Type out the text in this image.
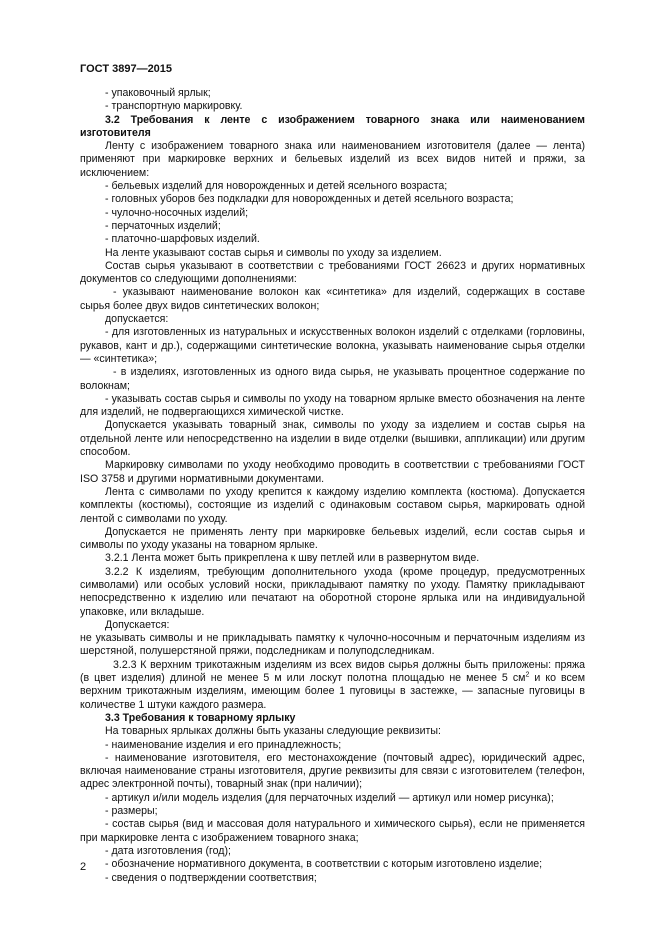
ГОСТ 3897—2015

- упаковочный ярлык;

- транспортную маркировку.

3.2 Требования к ленте с изображением товарного знака или наименованием изготовителя

Ленту с изображением товарного знака или наименованием изготовителя (далее — лента) применяют при маркировке верхних и бельевых изделий из всех видов нитей и пряжи, за исключением:

- бельевых изделий для новорожденных и детей ясельного возраста;

- головных уборов без подкладки для новорожденных и детей ясельного возраста;

- чулочно-носочных изделий;

- перчаточных изделий;

- платочно-шарфовых изделий.

На ленте указывают состав сырья и символы по уходу за изделием.

Состав сырья указывают в соответствии с требованиями ГОСТ 26623 и других нормативных документов со следующими дополнениями:

- указывают наименование волокон как «синтетика» для изделий, содержащих в составе сырья более двух видов синтетических волокон;

допускается:

- для изготовленных из натуральных и искусственных волокон изделий с отделками (горловины, рукавов, кант и др.), содержащими синтетические волокна, указывать наименование сырья отделки — «синтетика»;

- в изделиях, изготовленных из одного вида сырья, не указывать процентное содержание по волокнам;

- указывать состав сырья и символы по уходу на товарном ярлыке вместо обозначения на ленте для изделий, не подвергающихся химической чистке.

Допускается указывать товарный знак, символы по уходу за изделием и состав сырья на отдельной ленте или непосредственно на изделии в виде отделки (вышивки, аппликации) или другим способом.

Маркировку символами по уходу необходимо проводить в соответствии с требованиями ГОСТ ISO 3758 и другими нормативными документами.

Лента с символами по уходу крепится к каждому изделию комплекта (костюма). Допускается комплекты (костюмы), состоящие из изделий с одинаковым составом сырья, маркировать одной лентой с символами по уходу.

Допускается не применять ленту при маркировке бельевых изделий, если состав сырья и символы по уходу указаны на товарном ярлыке.

3.2.1 Лента может быть прикреплена к шву петлей или в развернутом виде.

3.2.2 К изделиям, требующим дополнительного ухода (кроме процедур, предусмотренных символами) или особых условий носки, прикладывают памятку по уходу. Памятку прикладывают непосредственно к изделию или печатают на оборотной стороне ярлыка или на индивидуальной упаковке, или вкладыше.

Допускается:

не указывать символы и не прикладывать памятку к чулочно-носочным и перчаточным изделиям из шерстяной, полушерстяной пряжи, подследникам и полуподследникам.

3.2.3 К верхним трикотажным изделиям из всех видов сырья должны быть приложены: пряжа (в цвет изделия) длиной не менее 5 м или лоскут полотна площадью не менее 5 $см^2$ и ко всем верхним трикотажным изделиям, имеющим более 1 пуговицы в застежке, — запасные пуговицы в количестве 1 штуки каждого размера.

3.3 Требования к товарному ярлыку

На товарных ярлыках должны быть указаны следующие реквизиты:

- наименование изделия и его принадлежность;

- наименование изготовителя, его местонахождение (почтовый адрес), юридический адрес, включая наименование страны изготовителя, другие реквизиты для связи с изготовителем (телефон, адрес электронной почты), товарный знак (при наличии);

- артикул и/или модель изделия (для перчаточных изделий — артикул или номер рисунка);

- размеры;

- состав сырья (вид и массовая доля натурального и химического сырья), если не применяется при маркировке лента с изображением товарного знака;

- дата изготовления (год);

- обозначение нормативного документа, в соответствии с которым изготовлено изделие;

- сведения о подтверждении соответствия;

2
